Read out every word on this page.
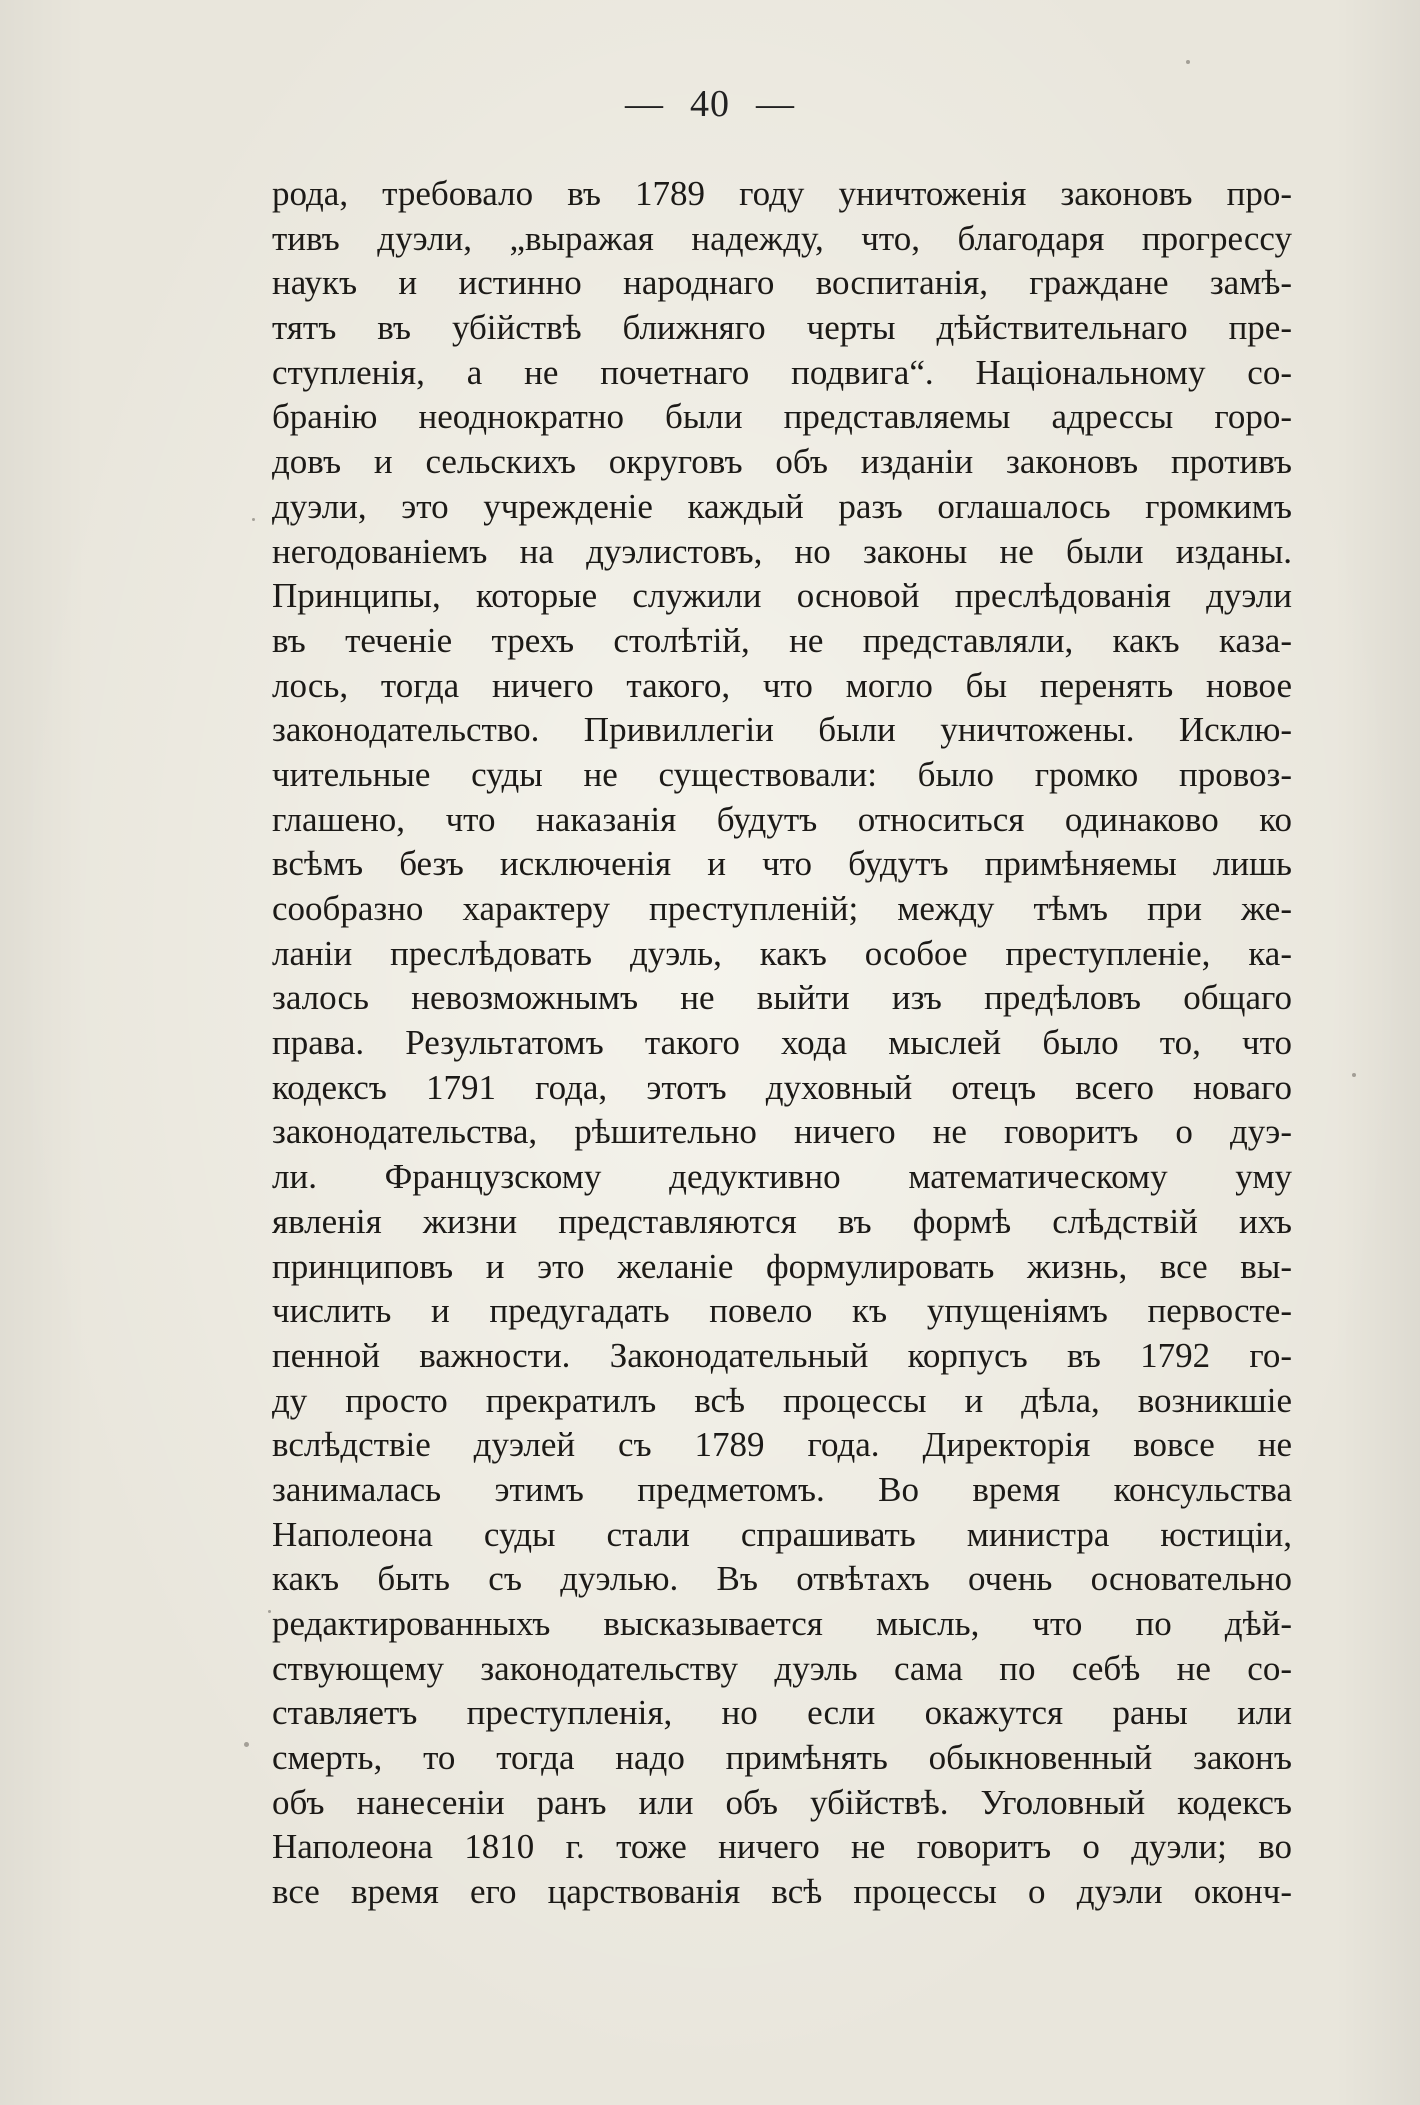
— 40 —
рода, требовало въ 1789 году уничтоженія законовъ про-
тивъ дуэли, „выражая надежду, что, благодаря прогрессу
наукъ и истинно народнаго воспитанія, граждане замѣ-
тятъ въ убійствѣ ближняго черты дѣйствительнаго пре-
ступленія, а не почетнаго подвига“. Національному со-
бранію неоднократно были представляемы адрессы горо-
довъ и сельскихъ округовъ объ изданіи законовъ противъ
дуэли, это учрежденіе каждый разъ оглашалось громкимъ
негодованіемъ на дуэлистовъ, но законы не были изданы.
Принципы, которые служили основой преслѣдованія дуэли
въ теченіе трехъ столѣтій, не представляли, какъ каза-
лось, тогда ничего такого, что могло бы перенять новое
законодательство. Привиллегіи были уничтожены. Исклю-
чительные суды не существовали: было громко провоз-
глашено, что наказанія будутъ относиться одинаково ко
всѣмъ безъ исключенія и что будутъ примѣняемы лишь
сообразно характеру преступленій; между тѣмъ при же-
ланіи преслѣдовать дуэль, какъ особое преступленіе, ка-
залось невозможнымъ не выйти изъ предѣловъ общаго
права. Результатомъ такого хода мыслей было то, что
кодексъ 1791 года, этотъ духовный отецъ всего новаго
законодательства, рѣшительно ничего не говоритъ о дуэ-
ли. Французскому дедуктивно математическому уму
явленія жизни представляются въ формѣ слѣдствій ихъ
принциповъ и это желаніе формулировать жизнь, все вы-
числить и предугадать повело къ упущеніямъ первосте-
пенной важности. Законодательный корпусъ въ 1792 го-
ду просто прекратилъ всѣ процессы и дѣла, возникшіе
вслѣдствіе дуэлей съ 1789 года. Директорія вовсе не
занималась этимъ предметомъ. Во время консульства
Наполеона суды стали спрашивать министра юстиціи,
какъ быть съ дуэлью. Въ отвѣтахъ очень основательно
редактированныхъ высказывается мысль, что по дѣй-
ствующему законодательству дуэль сама по себѣ не со-
ставляетъ преступленія, но если окажутся раны или
смерть, то тогда надо примѣнять обыкновенный законъ
объ нанесеніи ранъ или объ убійствѣ. Уголовный кодексъ
Наполеона 1810 г. тоже ничего не говоритъ о дуэли; во
все время его царствованія всѣ процессы о дуэли оконч-
